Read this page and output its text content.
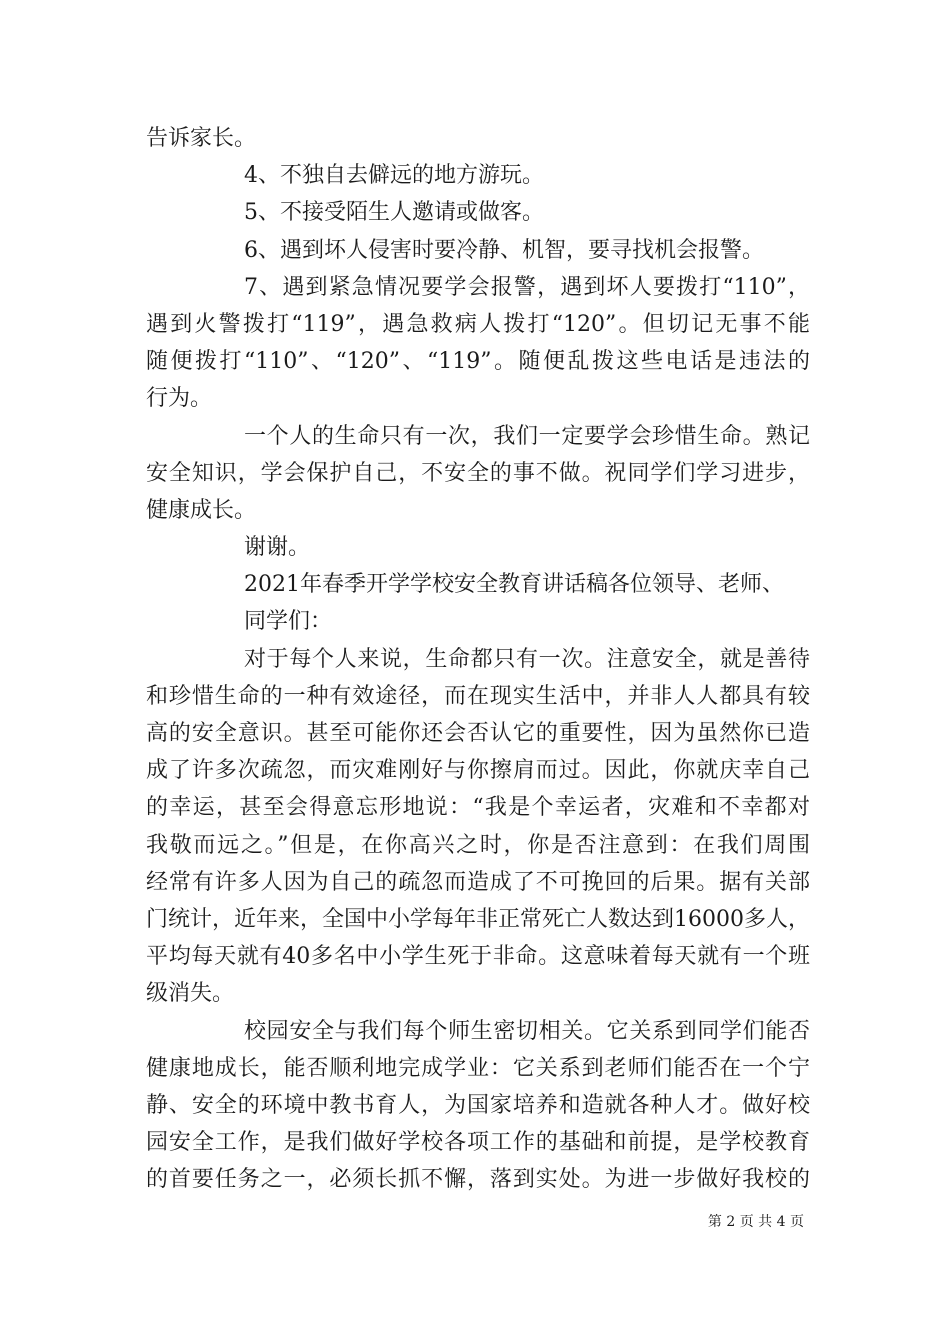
告诉家长。
4、不独自去僻远的地方游玩。
5、不接受陌生人邀请或做客。
6、遇到坏人侵害时要冷静、机智，要寻找机会报警。
7、遇到紧急情况要学会报警，遇到坏人要拨打“110”，
遇到火警拨打“119”，遇急救病人拨打“120”。但切记无事不能
随便拨打“110”、“120”、“119”。随便乱拨这些电话是违法的
行为。
一个人的生命只有一次，我们一定要学会珍惜生命。熟记
安全知识，学会保护自己，不安全的事不做。祝同学们学习进步，
健康成长。
谢谢。
2021年春季开学学校安全教育讲话稿各位领导、老师、
同学们：
对于每个人来说，生命都只有一次。注意安全，就是善待
和珍惜生命的一种有效途径，而在现实生活中，并非人人都具有较
高的安全意识。甚至可能你还会否认它的重要性，因为虽然你已造
成了许多次疏忽，而灾难刚好与你擦肩而过。因此，你就庆幸自己
的幸运，甚至会得意忘形地说：“我是个幸运者，灾难和不幸都对
我敬而远之。”但是，在你高兴之时，你是否注意到：在我们周围
经常有许多人因为自己的疏忽而造成了不可挽回的后果。据有关部
门统计，近年来，全国中小学每年非正常死亡人数达到16000多人，
平均每天就有40多名中小学生死于非命。这意味着每天就有一个班
级消失。
校园安全与我们每个师生密切相关。它关系到同学们能否
健康地成长，能否顺利地完成学业：它关系到老师们能否在一个宁
静、安全的环境中教书育人，为国家培养和造就各种人才。做好校
园安全工作，是我们做好学校各项工作的基础和前提，是学校教育
的首要任务之一，必须长抓不懈，落到实处。为进一步做好我校的
第 2 页 共 4 页
